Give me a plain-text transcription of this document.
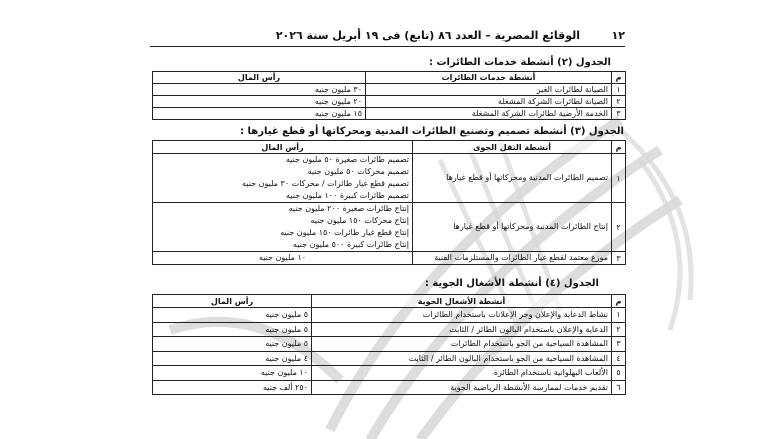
١٢
الوقائع المصرية – العدد ٨٦ (تابع) فى ١٩ أبريل سنة ٢٠٢٦
الجدول (٢) أنشطة خدمات الطائرات :
م	أنشطة خدمات الطائرات	رأس المال
١	الصيانة لطائرات الغير	٣٠ مليون جنيه
٢	الصيانة لطائرات الشركة المشغلة	٢٠ مليون جنيه
٣	الخدمة الأرضية لطائرات الشركة المشغلة	١٥ مليون جنيه
الجدول (٣) أنشطة تصميم وتصنيع الطائرات المدنية ومحركاتها أو قطع غيارها :
م	أنشطة النقل الجوى	رأس المال
١	تصميم الطائرات المدنية ومحركاتها أو قطع غيارها	تصميم طائرات صغيرة ٥٠ مليون جنيه
تصميم محركات ٥٠ مليون جنيه
تصميم قطع غيار طائرات / محركات ٣٠ مليون جنيه
تصميم طائرات كبيرة ١٠٠ مليون جنيه

٢	إنتاج الطائرات المدنية ومحركاتها أو قطع غيارها	إنتاج طائرات صغيرة ٢٠٠ مليون جنيه
إنتاج محركات ١٥٠ مليون جنيه
إنتاج قطع غيار طائرات ١٥٠ مليون جنيه
إنتاج طائرات كبيرة ٥٠٠ مليون جنيه

٣	موزع معتمد لقطع غيار الطائرات والمستلزمات الفنية	١٠ مليون جنيه
الجدول (٤) أنشطة الأشغال الجوية :
م	أنشطة الأشغال الجوية	رأس المال
١	نشاط الدعاية والإعلان وجر الإعلانات باستخدام الطائرات	٥ مليون جنيه
٢	الدعاية والإعلان باستخدام البالون الطائر / الثابت	٥ مليون جنيه
٣	المشاهدة السياحية من الجو باستخدام الطائرات	٥ مليون جنيه
٤	المشاهدة السياحية من الجو باستخدام البالون الطائر / الثابت	٤ مليون جنيه
٥	الألعاب البهلوانية باستخدام الطائرة	١٠ مليون جنيه
٦	تقديم خدمات لممارسة الأنشطة الرياضية الجوية	٢٥٠ ألف جنيه
